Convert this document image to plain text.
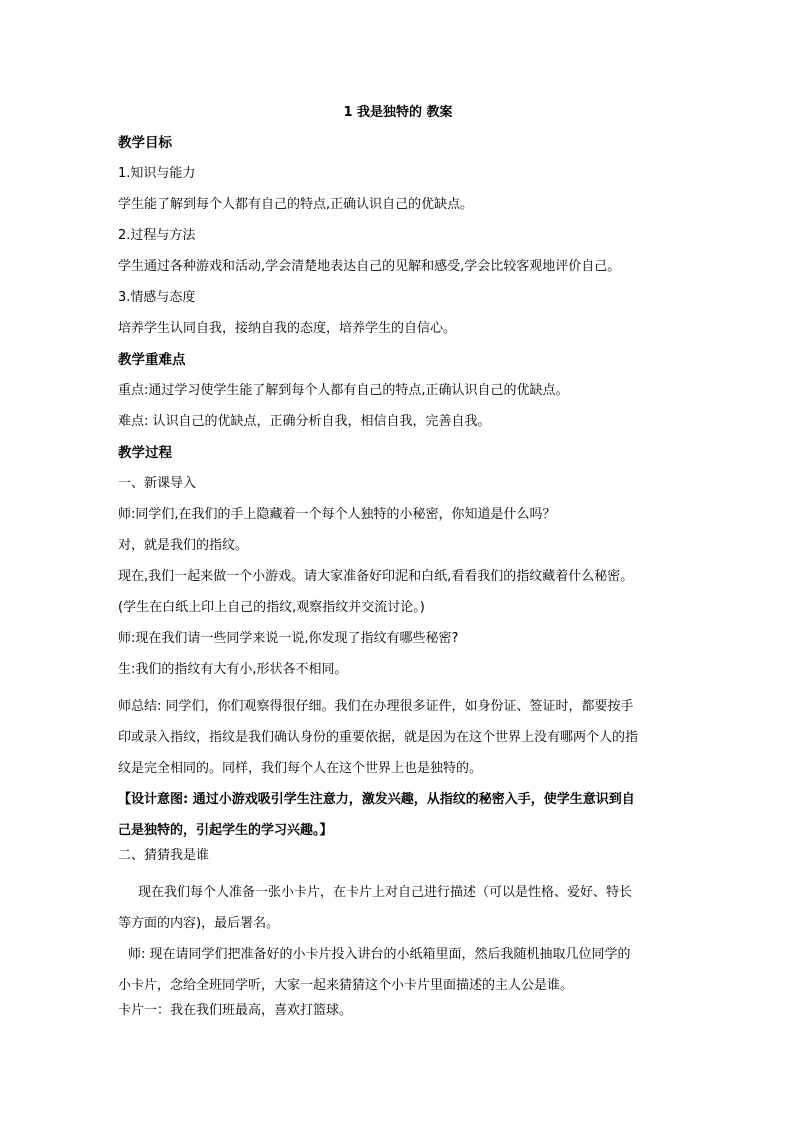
1 我是独特的 教案
教学目标
1.知识与能力
学生能了解到每个人都有自己的特点,正确认识自己的优缺点。
2.过程与方法
学生通过各种游戏和活动,学会清楚地表达自己的见解和感受,学会比较客观地评价自己。
3.情感与态度
培养学生认同自我，接纳自我的态度，培养学生的自信心。
教学重难点
重点:通过学习使学生能了解到每个人都有自己的特点,正确认识自己的优缺点。
难点: 认识自己的优缺点，正确分析自我，相信自我，完善自我。
教学过程
一、新课导入
师:同学们,在我们的手上隐藏着一个每个人独特的小秘密，你知道是什么吗？
对，就是我们的指纹。
现在,我们一起来做一个小游戏。请大家准备好印泥和白纸,看看我们的指纹藏着什么秘密。
(学生在白纸上印上自己的指纹,观察指纹并交流讨论。)
师:现在我们请一些同学来说一说,你发现了指纹有哪些秘密?
生:我们的指纹有大有小,形状各不相同。
师总结: 同学们，你们观察得很仔细。我们在办理很多证件，如身份证、签证时，都要按手
印或录入指纹，指纹是我们确认身份的重要依据，就是因为在这个世界上没有哪两个人的指
纹是完全相同的。同样，我们每个人在这个世界上也是独特的。
【设计意图: 通过小游戏吸引学生注意力，激发兴趣，从指纹的秘密入手，使学生意识到自
己是独特的，引起学生的学习兴趣。】
二、猜猜我是谁
现在我们每个人准备一张小卡片，在卡片上对自己进行描述（可以是性格、爱好、特长
等方面的内容)，最后署名。
师: 现在请同学们把准备好的小卡片投入讲台的小纸箱里面，然后我随机抽取几位同学的
小卡片，念给全班同学听，大家一起来猜猜这个小卡片里面描述的主人公是谁。
卡片一：我在我们班最高，喜欢打篮球。
